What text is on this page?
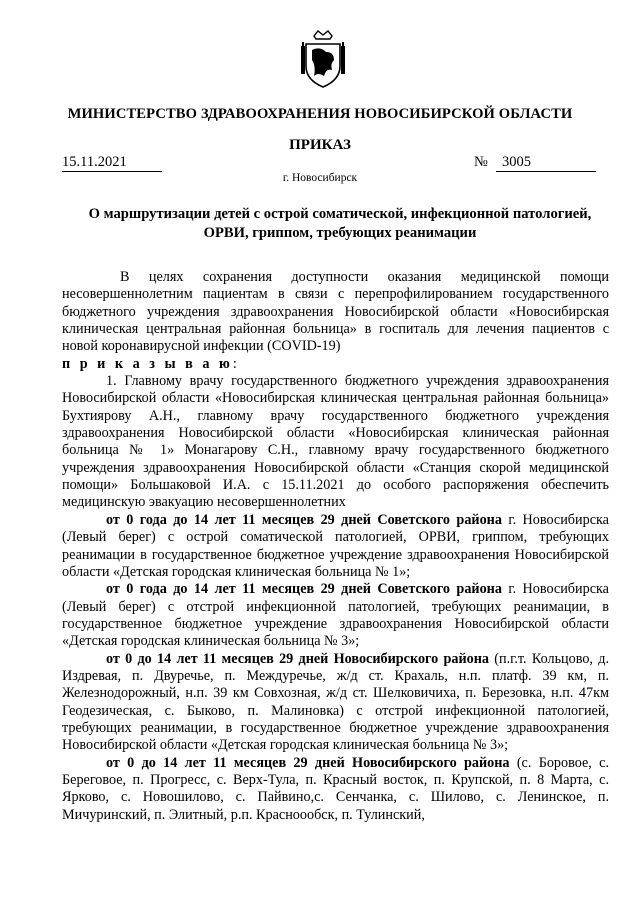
МИНИСТЕРСТВО ЗДРАВООХРАНЕНИЯ НОВОСИБИРСКОЙ ОБЛАСТИ
ПРИКАЗ
15.11.2021	№ 3005
г. Новосибирск
О маршрутизации детей с острой соматической, инфекционной патологией, ОРВИ, гриппом, требующих реанимации

В целях сохранения доступности оказания медицинской помощи несовершеннолетним пациентам в связи с перепрофилированием государственного бюджетного учреждения здравоохранения Новосибирской области «Новосибирская клиническая центральная районная больница» в госпиталь для лечения пациентов с новой коронавирусной инфекции (COVID-19)

п р и к а з ы в а ю:

1. Главному врачу государственного бюджетного учреждения здравоохранения Новосибирской области «Новосибирская клиническая центральная районная больница» Бухтиярову А.Н., главному врачу государственного бюджетного учреждения здравоохранения Новосибирской области «Новосибирская клиническая районная больница № 1» Монагарову С.Н., главному врачу государственного бюджетного учреждения здравоохранения Новосибирской области «Станция скорой медицинской помощи» Большаковой И.А. с 15.11.2021 до особого распоряжения обеспечить медицинскую эвакуацию несовершеннолетних

от 0 года до 14 лет 11 месяцев 29 дней Советского района г. Новосибирска (Левый берег) с острой соматической патологией, ОРВИ, гриппом, требующих реанимации в государственное бюджетное учреждение здравоохранения Новосибирской области «Детская городская клиническая больница № 1»;

от 0 года до 14 лет 11 месяцев 29 дней Советского района г. Новосибирска (Левый берег) с отстрой инфекционной патологией, требующих реанимации, в государственное бюджетное учреждение здравоохранения Новосибирской области «Детская городская клиническая больница № 3»;

от 0 до 14 лет 11 месяцев 29 дней Новосибирского района (п.г.т. Кольцово, д. Издревая, п. Двуречье, п. Междуречье, ж/д ст. Крахаль, н.п. платф. 39 км, п. Железнодорожный, н.п. 39 км Совхозная, ж/д ст. Шелковичиха, п. Березовка, н.п. 47км Геодезическая, с. Быково, п. Малиновка) с отстрой инфекционной патологией, требующих реанимации, в государственное бюджетное учреждение здравоохранения Новосибирской области «Детская городская клиническая больница № 3»;

от 0 до 14 лет 11 месяцев 29 дней Новосибирского района (с. Боровое, с. Береговое, п. Прогресс, с. Верх-Тула, п. Красный восток, п. Крупской, п. 8 Марта, с. Ярково, с. Новошилово, с. Пайвино,с. Сенчанка, с. Шилово, с. Ленинское, п. Мичуринский, п. Элитный, р.п. Красноообск, п. Тулинский,
